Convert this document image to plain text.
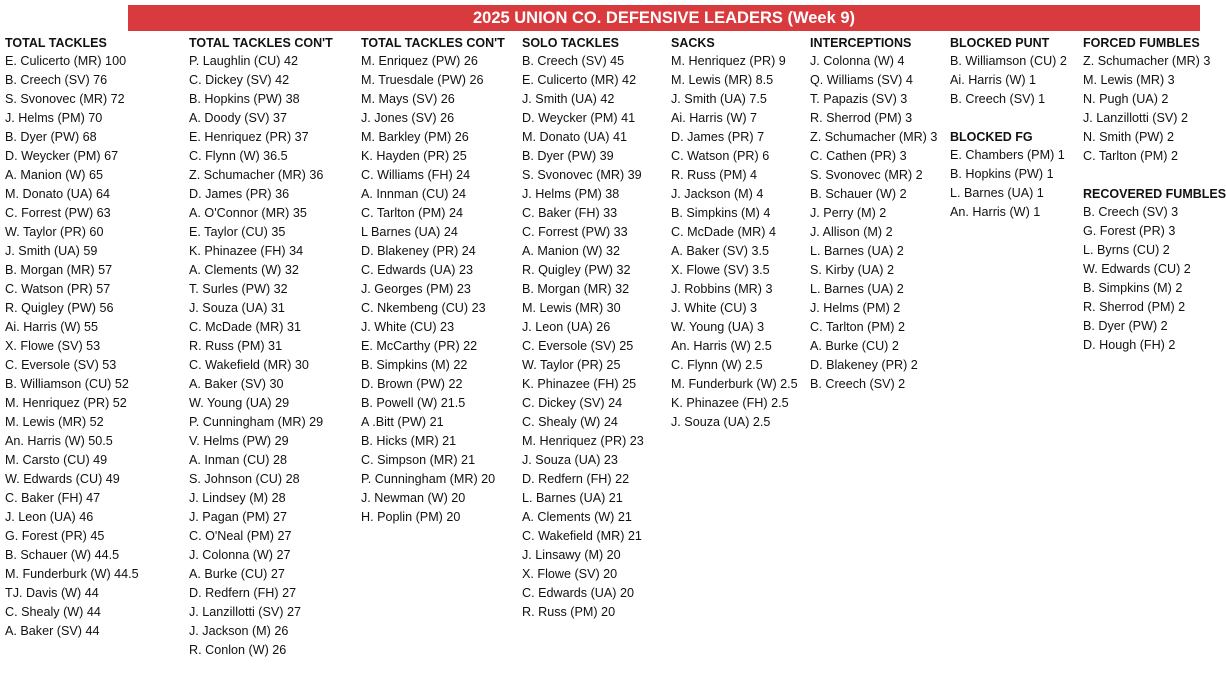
2025 UNION CO. DEFENSIVE LEADERS (Week 9)
TOTAL TACKLES
E. Culicerto (MR) 100
B. Creech (SV) 76
S. Svonovec (MR) 72
J. Helms (PM) 70
B. Dyer (PW) 68
D. Weycker (PM) 67
A. Manion (W) 65
M. Donato (UA) 64
C. Forrest (PW) 63
W. Taylor (PR) 60
J. Smith (UA) 59
B. Morgan (MR) 57
C. Watson (PR) 57
R. Quigley (PW) 56
Ai. Harris (W) 55
X. Flowe (SV) 53
C. Eversole (SV) 53
B. Williamson (CU) 52
M. Henriquez (PR) 52
M. Lewis (MR) 52
An. Harris (W) 50.5
M. Carsto (CU) 49
W. Edwards (CU) 49
C. Baker (FH) 47
J. Leon (UA) 46
G. Forest (PR) 45
B. Schauer (W) 44.5
M. Funderburk (W) 44.5
TJ. Davis (W) 44
C. Shealy (W) 44
A. Baker (SV) 44
TOTAL TACKLES CON'T
P. Laughlin (CU) 42
C. Dickey (SV) 42
B. Hopkins (PW) 38
A. Doody (SV) 37
E. Henriquez (PR) 37
C. Flynn (W) 36.5
Z. Schumacher (MR) 36
D. James (PR) 36
A. O'Connor (MR) 35
E. Taylor (CU) 35
K. Phinazee (FH) 34
A. Clements (W) 32
T. Surles (PW) 32
J. Souza (UA) 31
C. McDade (MR) 31
R. Russ (PM) 31
C. Wakefield (MR) 30
A. Baker (SV) 30
W. Young (UA) 29
P. Cunningham (MR) 29
V. Helms (PW) 29
A. Inman (CU) 28
S. Johnson (CU) 28
J. Lindsey (M) 28
J. Pagan (PM) 27
C. O'Neal (PM) 27
J. Colonna (W) 27
A. Burke (CU) 27
D. Redfern (FH) 27
J. Lanzillotti (SV) 27
J. Jackson (M) 26
R. Conlon (W) 26
TOTAL TACKLES CON'T
M. Enriquez (PW) 26
M. Truesdale (PW) 26
M. Mays (SV) 26
J. Jones (SV) 26
M. Barkley (PM) 26
K. Hayden (PR) 25
C. Williams (FH) 24
A. Innman (CU) 24
C. Tarlton (PM) 24
L Barnes (UA) 24
D. Blakeney (PR) 24
C. Edwards (UA) 23
J. Georges (PM) 23
C. Nkembeng (CU) 23
J. White (CU) 23
E. McCarthy (PR) 22
B. Simpkins (M) 22
D. Brown (PW) 22
B. Powell (W) 21.5
A .Bitt (PW) 21
B. Hicks (MR) 21
C. Simpson (MR) 21
P. Cunningham (MR) 20
J. Newman (W) 20
H. Poplin (PM) 20
SOLO TACKLES
B. Creech (SV) 45
E. Culicerto (MR) 42
J. Smith (UA) 42
D. Weycker (PM) 41
M. Donato (UA) 41
B. Dyer (PW) 39
S. Svonovec (MR) 39
J. Helms (PM) 38
C. Baker (FH) 33
C. Forrest (PW) 33
A. Manion (W) 32
R. Quigley (PW) 32
B. Morgan (MR) 32
M. Lewis (MR) 30
J. Leon (UA) 26
C. Eversole (SV) 25
W. Taylor (PR) 25
K. Phinazee (FH) 25
C. Dickey (SV) 24
C. Shealy (W) 24
M. Henriquez (PR) 23
J. Souza (UA) 23
D. Redfern (FH) 22
L. Barnes (UA) 21
A. Clements (W) 21
C. Wakefield (MR) 21
J. Linsawy (M) 20
X. Flowe (SV) 20
C. Edwards (UA) 20
R. Russ (PM) 20
SACKS
M. Henriquez (PR) 9
M. Lewis (MR) 8.5
J. Smith (UA) 7.5
Ai. Harris (W) 7
D. James (PR) 7
C. Watson (PR) 6
R. Russ (PM) 4
J. Jackson (M) 4
B. Simpkins (M) 4
C. McDade (MR) 4
A. Baker (SV) 3.5
X. Flowe (SV) 3.5
J. Robbins (MR) 3
J. White (CU) 3
W. Young (UA) 3
An. Harris (W) 2.5
C. Flynn (W) 2.5
M. Funderburk (W) 2.5
K. Phinazee (FH) 2.5
J. Souza (UA) 2.5
INTERCEPTIONS
J. Colonna (W) 4
Q. Williams (SV) 4
T. Papazis (SV) 3
R. Sherrod (PM) 3
Z. Schumacher (MR) 3
C. Cathen (PR) 3
S. Svonovec (MR) 2
B. Schauer (W) 2
J. Perry (M) 2
J. Allison (M) 2
L. Barnes (UA) 2
S. Kirby (UA) 2
L. Barnes (UA) 2
J. Helms (PM) 2
C. Tarlton (PM) 2
A. Burke (CU) 2
D. Blakeney (PR) 2
B. Creech (SV) 2
BLOCKED PUNT
B. Williamson (CU) 2
Ai. Harris (W) 1
B. Creech (SV) 1
BLOCKED FG
E. Chambers (PM) 1
B. Hopkins (PW) 1
L. Barnes (UA) 1
An. Harris (W) 1
FORCED FUMBLES
Z. Schumacher (MR) 3
M. Lewis (MR) 3
N. Pugh (UA) 2
J. Lanzillotti (SV) 2
N. Smith (PW) 2
C. Tarlton (PM) 2
RECOVERED FUMBLES
B. Creech (SV) 3
G. Forest (PR) 3
L. Byrns (CU) 2
W. Edwards (CU) 2
B. Simpkins (M) 2
R. Sherrod (PM) 2
B. Dyer (PW) 2
D. Hough (FH) 2
